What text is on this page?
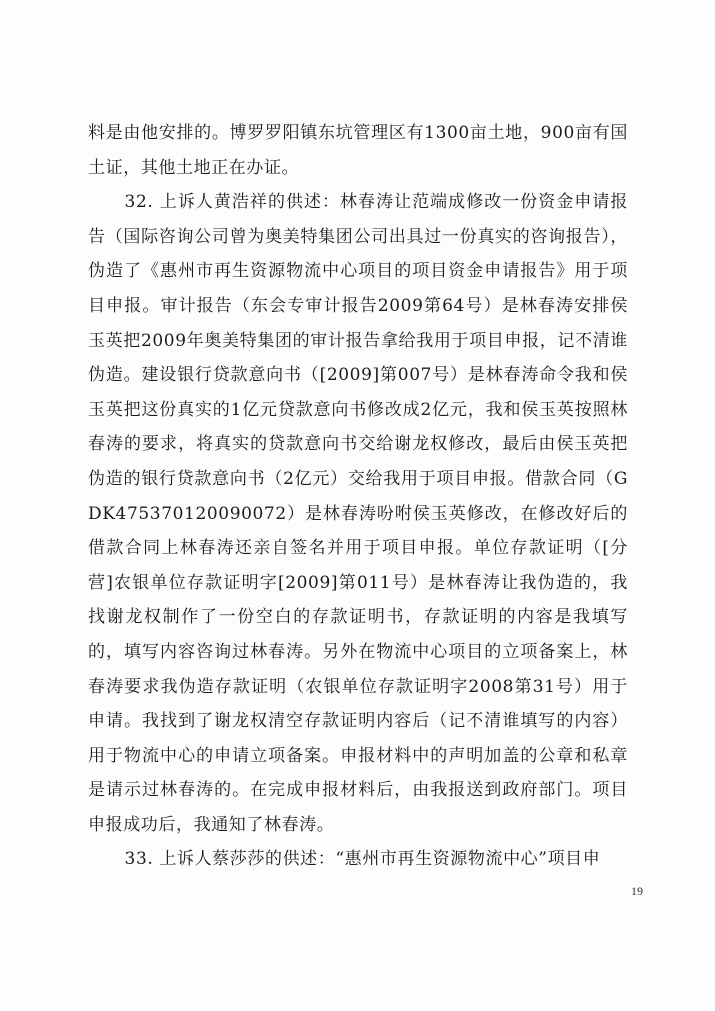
料是由他安排的。博罗罗阳镇东坑管理区有1300亩土地，900亩有国土证，其他土地正在办证。

32. 上诉人黄浩祥的供述：林春涛让范端成修改一份资金申请报告（国际咨询公司曾为奥美特集团公司出具过一份真实的咨询报告），伪造了《惠州市再生资源物流中心项目的项目资金申请报告》用于项目申报。审计报告（东会专审计报告2009第64号）是林春涛安排侯玉英把2009年奥美特集团的审计报告拿给我用于项目申报，记不清谁伪造。建设银行贷款意向书（[2009]第007号）是林春涛命令我和侯玉英把这份真实的1亿元贷款意向书修改成2亿元，我和侯玉英按照林春涛的要求，将真实的贷款意向书交给谢龙权修改，最后由侯玉英把伪造的银行贷款意向书（2亿元）交给我用于项目申报。借款合同（GDK475370120090072）是林春涛吩咐侯玉英修改，在修改好后的借款合同上林春涛还亲自签名并用于项目申报。单位存款证明（[分营]农银单位存款证明字[2009]第011号）是林春涛让我伪造的，我找谢龙权制作了一份空白的存款证明书，存款证明的内容是我填写的，填写内容咨询过林春涛。另外在物流中心项目的立项备案上，林春涛要求我伪造存款证明（农银单位存款证明字2008第31号）用于申请。我找到了谢龙权清空存款证明内容后（记不清谁填写的内容）用于物流中心的申请立项备案。申报材料中的声明加盖的公章和私章是请示过林春涛的。在完成申报材料后，由我报送到政府部门。项目申报成功后，我通知了林春涛。

33. 上诉人蔡莎莎的供述：“惠州市再生资源物流中心”项目申

19
